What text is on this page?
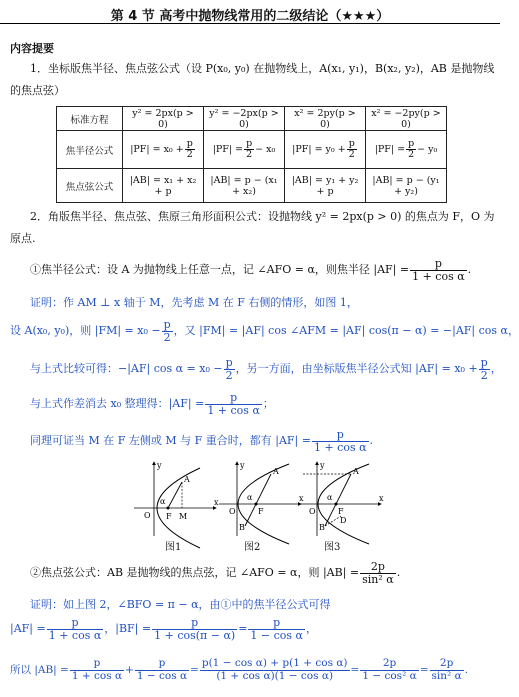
第 4 节 高考中抛物线常用的二级结论（★★★）
内容提要
1．坐标版焦半径、焦点弦公式（设 P(x₀, y₀) 在抛物线上，A(x₁, y₁)，B(x₂, y₂)，AB 是抛物线
的焦点弦）
标准方程	y² = 2px(p > 0)	y² = −2px(p > 0)	x² = 2py(p > 0)	x² = −2py(p > 0)
焦半径公式	$|PF| = x_0 + \frac{p}{2}$	$|PF| = \frac{p}{2} - x_0$	$|PF| = y_0 + \frac{p}{2}$	$|PF| = \frac{p}{2} - y_0$
焦点弦公式	|AB| = x₁ + x₂ + p	|AB| = p − (x₁ + x₂)	|AB| = y₁ + y₂ + p	|AB| = p − (y₁ + y₂)
2．角版焦半径、焦点弦、焦原三角形面积公式：设抛物线 y² = 2px(p > 0) 的焦点为 F，O 为
原点.
①焦半径公式：设 A 为抛物线上任意一点，记 ∠AFO = α，则焦半径 $|AF| = \frac{p}{\text{1 + cos α}}$ .
证明：作 AM ⊥ x 轴于 M，先考虑 M 在 F 右侧的情形，如图 1，
设 A(x₀, y₀)，则 $|FM| = x_0 - \frac{p}{2}$ ，又 |FM| = |AF| cos ∠AFM = |AF| cos(π − α) = −|AF| cos α，
与上式比较可得：−|AF| $\cos \alpha = x_0 - \frac{p}{2}$ ，另一方面，由坐标版焦半径公式知 $|AF| = x_0 + \frac{p}{2}$ ，
与上式作差消去 x₀ 整理得：$|AF| = \frac{p}{\text{1 + cos α}}$ ；
同理可证当 M 在 F 左侧或 M 与 F 重合时，都有 $|AF| = \frac{p}{\text{1 + cos α}}$ .
O F M
A
α	x
y
图1
O	F
A
B
α	x
y
图2
O	F
D
A
B
α	x
y
图3
②焦点弦公式：AB 是抛物线的焦点弦，记 ∠AFO = α，则 $|AB| = \frac{2p}{\text{sin² α}}$ .
证明：如上图 2，∠BFO = π − α，由①中的焦半径公式可得
$|AF| = \frac{p}{\text{1 + cos α}}$ ，$|BF| = \frac{p}{1 + \cos(\pi - \alpha)} = \frac{p}{\text{1 − cos α}}$ ，
所以 $|AB| = \frac{p}{\text{1 + cos α}} + \frac{p}{\text{1 − cos α}} = \frac{\text{p(1 − cos α) + p(1 + cos α)}}{\text{(1 + cos α)(1 − cos α)}} = \frac{2p}{\text{1 − cos² α}} = \frac{2p}{\text{sin² α}}$ .
